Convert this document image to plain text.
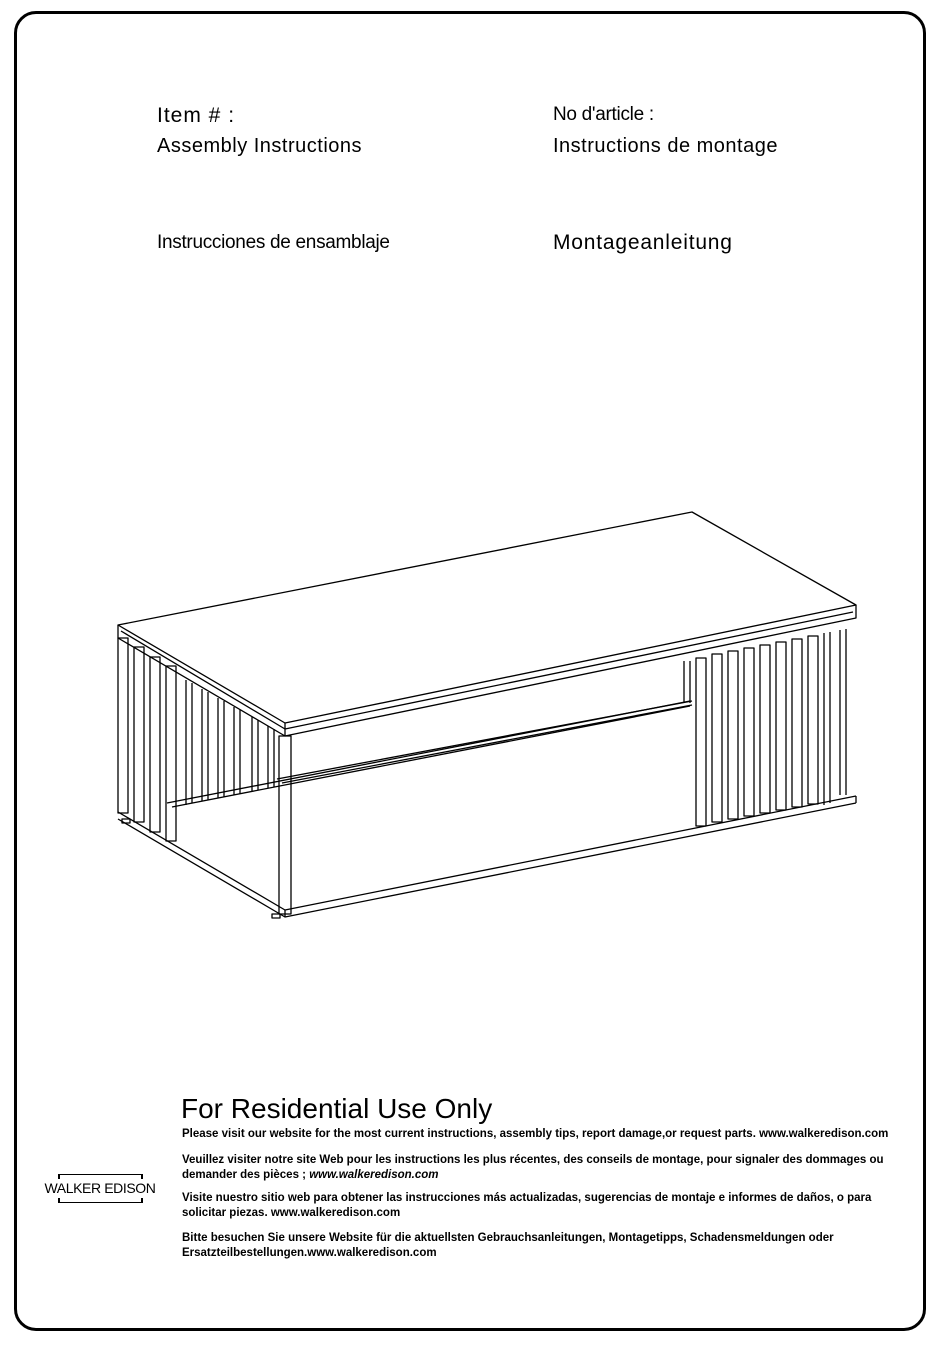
Item # :	No d'article :
Assembly Instructions	Instructions de montage
Instrucciones de ensamblaje	Montageanleitung
WALKER EDISON
For Residential Use Only
Please visit our website for the most current instructions, assembly tips, report damage,or request parts. www.walkeredison.com
Veuillez visiter notre site Web pour les instructions les plus récentes, des conseils de montage, pour signaler des dommages ou demander des pièces ; www.walkeredison.com
Visite nuestro sitio web para obtener las instrucciones más actualizadas, sugerencias de montaje e informes de daños, o para solicitar piezas. www.walkeredison.com
Bitte besuchen Sie unsere Website für die aktuellsten Gebrauchsanleitungen, Montagetipps, Schadensmeldungen oder Ersatzteilbestellungen.www.walkeredison.com
